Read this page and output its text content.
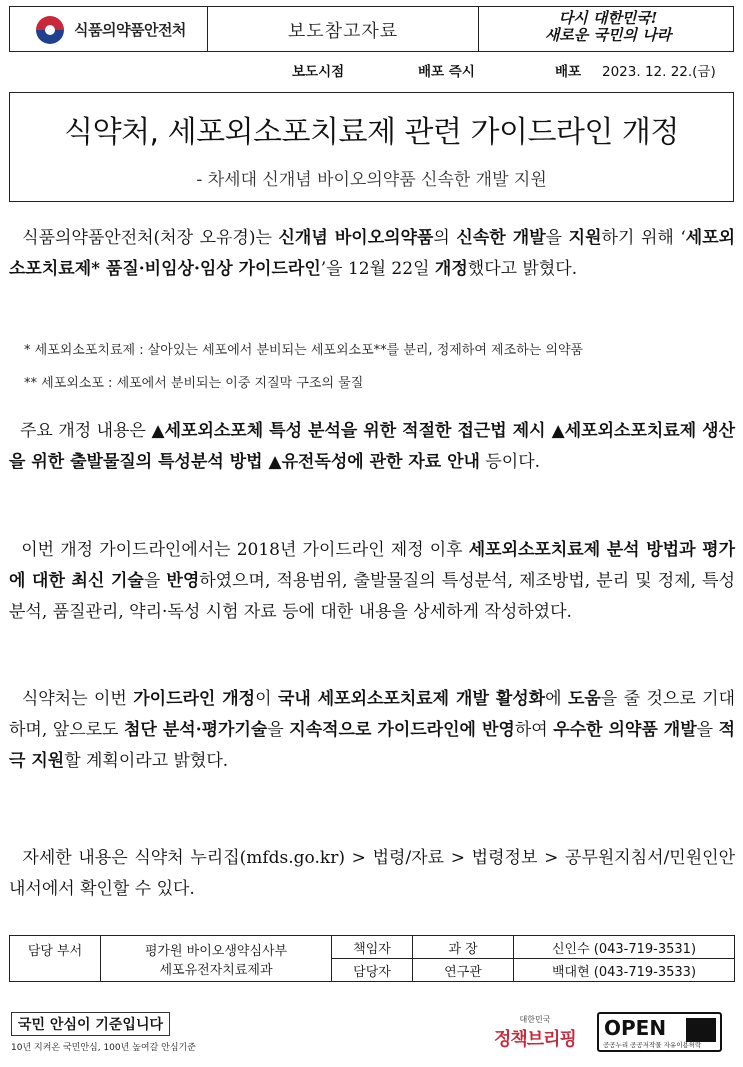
식품의약품안전처	보도참고자료
다시 대한민국!
새로운 국민의 나라
보도시점	배포 즉시	배포 2023. 12. 22.(금)
식약처, 세포외소포치료제 관련 가이드라인 개정
- 차세대 신개념 바이오의약품 신속한 개발 지원
식품의약품안전처(처장 오유경)는 신개념 바이오의약품의 신속한 개발을 지원하기 위해 ‘세포외소포치료제* 품질·비임상·임상 가이드라인’을 12월 22일 개정했다고 밝혔다.
* 세포외소포치료제 : 살아있는 세포에서 분비되는 세포외소포**를 분리, 정제하여 제조하는 의약품
** 세포외소포 : 세포에서 분비되는 이중 지질막 구조의 물질
주요 개정 내용은 ▲세포외소포체 특성 분석을 위한 적절한 접근법 제시 ▲세포외소포치료제 생산을 위한 출발물질의 특성분석 방법 ▲유전독성에 관한 자료 안내 등이다.
이번 개정 가이드라인에서는 2018년 가이드라인 제정 이후 세포외소포치료제 분석 방법과 평가에 대한 최신 기술을 반영하였으며, 적용범위, 출발물질의 특성분석, 제조방법, 분리 및 정제, 특성분석, 품질관리, 약리·독성 시험 자료 등에 대한 내용을 상세하게 작성하였다.
식약처는 이번 가이드라인 개정이 국내 세포외소포치료제 개발 활성화에 도움을 줄 것으로 기대하며, 앞으로도 첨단 분석·평가기술을 지속적으로 가이드라인에 반영하여 우수한 의약품 개발을 적극 지원할 계획이라고 밝혔다.
자세한 내용은 식약처 누리집(mfds.go.kr) > 법령/자료 > 법령정보 > 공무원지침서/민원인안내서에서 확인할 수 있다.
담당 부서	평가원 바이오생약심사부
세포유전자치료제과	책임자	과 장	신인수 (043-719-3531)
		담당자	연구관	백대현 (043-719-3533)
국민 안심이 기준입니다
10년 지켜온 국민안심, 100년 높여갈 안심기준
대한민국
정책브리핑 OPEN
공공누리 공공저작물 자유이용허락
